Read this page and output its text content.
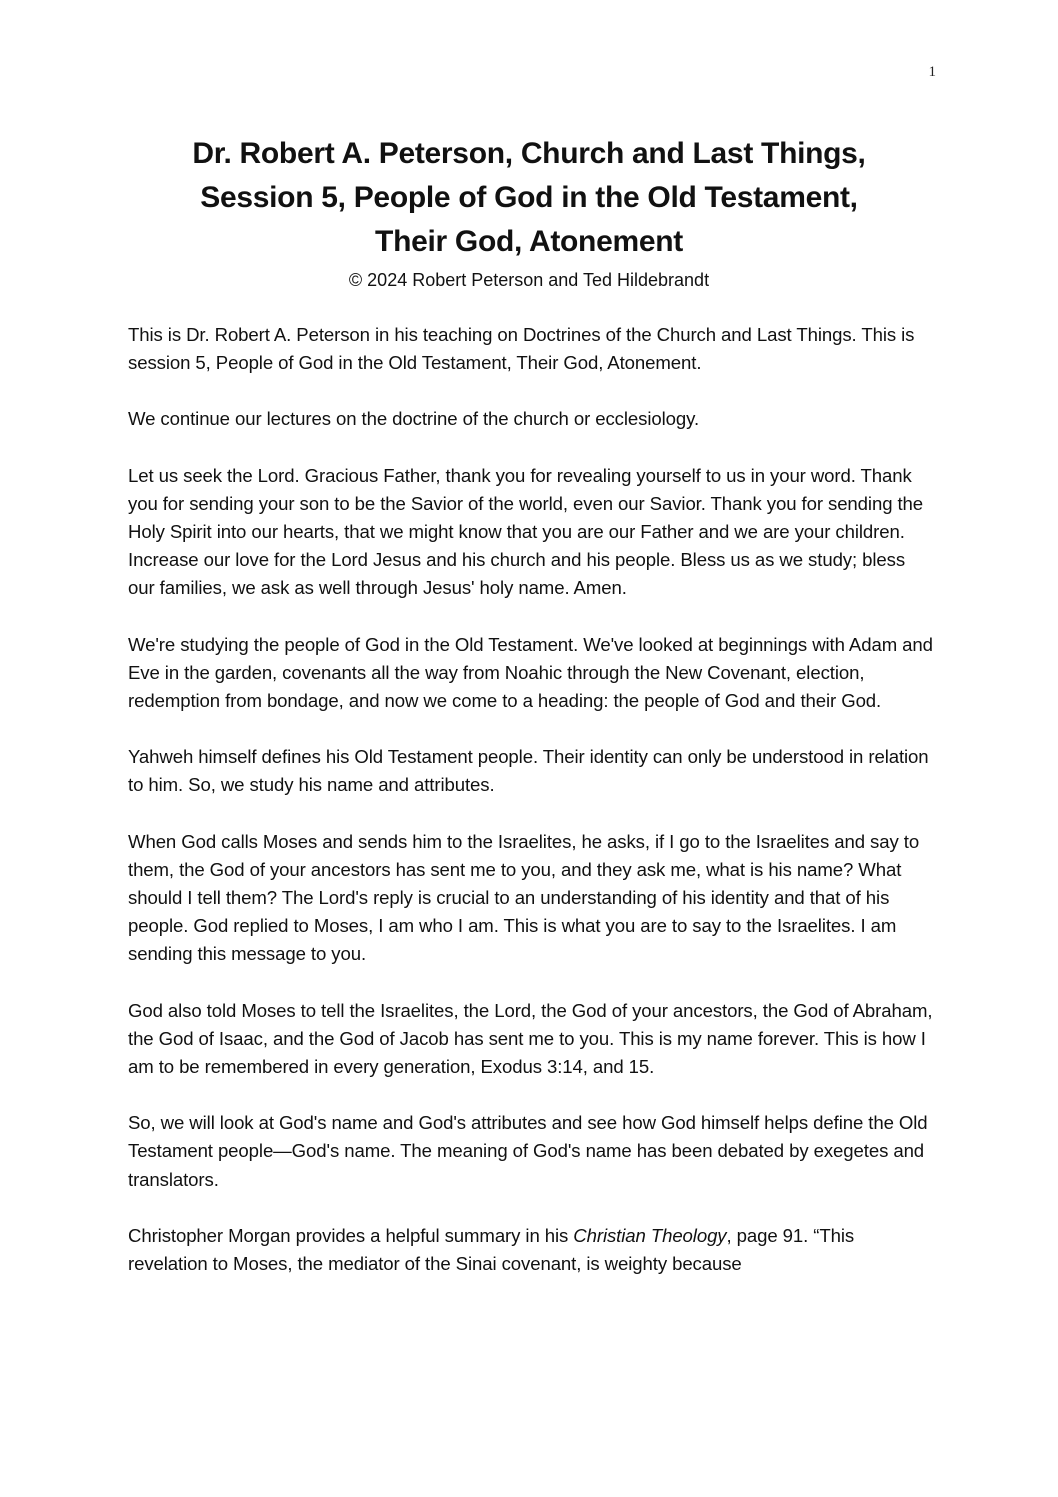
1
Dr. Robert A. Peterson, Church and Last Things,
Session 5, People of God in the Old Testament,
Their God, Atonement

© 2024 Robert Peterson and Ted Hildebrandt

This is Dr. Robert A. Peterson in his teaching on Doctrines of the Church and Last Things. This is session 5, People of God in the Old Testament, Their God, Atonement.

We continue our lectures on the doctrine of the church or ecclesiology.

Let us seek the Lord. Gracious Father, thank you for revealing yourself to us in your word. Thank you for sending your son to be the Savior of the world, even our Savior. Thank you for sending the Holy Spirit into our hearts, that we might know that you are our Father and we are your children. Increase our love for the Lord Jesus and his church and his people. Bless us as we study; bless our families, we ask as well through Jesus' holy name. Amen.

We're studying the people of God in the Old Testament. We've looked at beginnings with Adam and Eve in the garden, covenants all the way from Noahic through the New Covenant, election, redemption from bondage, and now we come to a heading: the people of God and their God.

Yahweh himself defines his Old Testament people. Their identity can only be understood in relation to him. So, we study his name and attributes.

When God calls Moses and sends him to the Israelites, he asks, if I go to the Israelites and say to them, the God of your ancestors has sent me to you, and they ask me, what is his name? What should I tell them? The Lord's reply is crucial to an understanding of his identity and that of his people. God replied to Moses, I am who I am. This is what you are to say to the Israelites. I am sending this message to you.

God also told Moses to tell the Israelites, the Lord, the God of your ancestors, the God of Abraham, the God of Isaac, and the God of Jacob has sent me to you. This is my name forever. This is how I am to be remembered in every generation, Exodus 3:14, and 15.

So, we will look at God's name and God's attributes and see how God himself helps define the Old Testament people—God's name. The meaning of God's name has been debated by exegetes and translators.

Christopher Morgan provides a helpful summary in his Christian Theology, page 91. “This revelation to Moses, the mediator of the Sinai covenant, is weighty because
